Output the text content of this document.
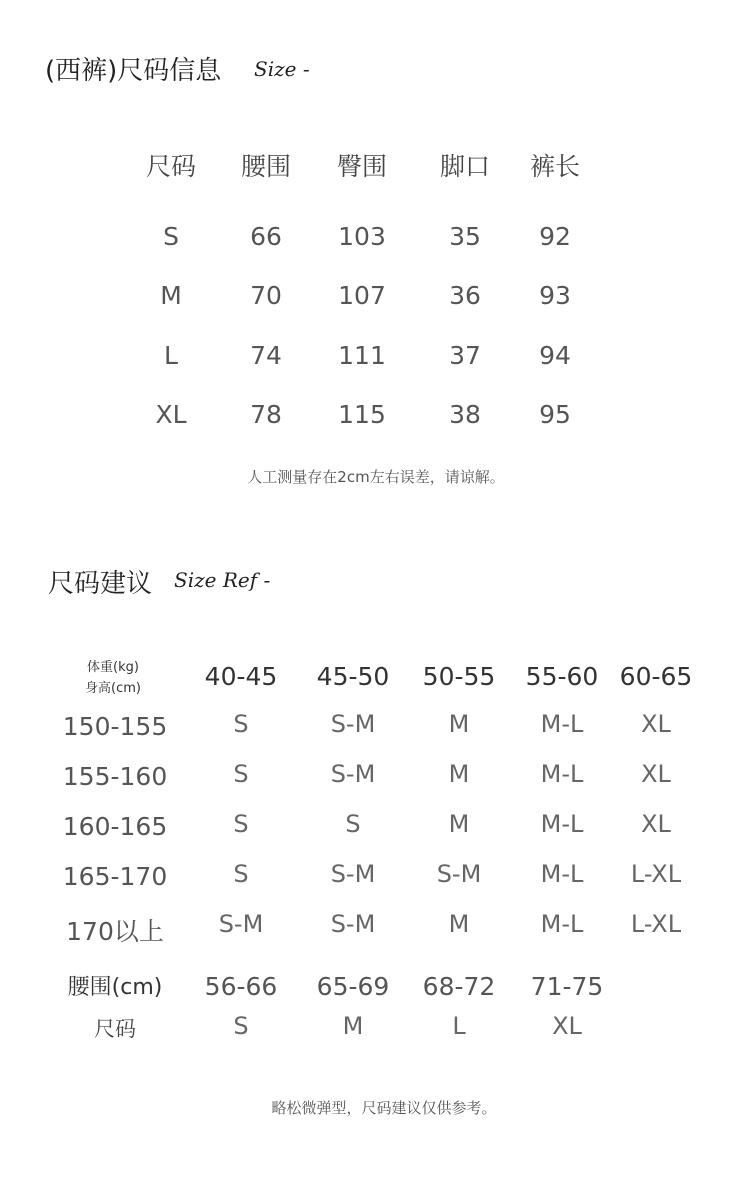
(西裤)尺码信息 Size -
尺码 腰围 臀围 脚口 裤长
S	66 103	35 92
M	70 107	36 93
L	74 111	37 94
XL	78 115	38 95
人工测量存在2cm左右误差，请谅解。
尺码建议 Size Ref -
体重(kg)
身高(cm)	40-45 45-50 50-55 55-60 60-65
150-155	S	S-M	M	M-L XL
155-160	S	S-M	M	M-L XL
160-165	S	S	M	M-L XL
165-170	S	S-M	S-M M-L L-XL
170以上 S-M	S-M	M	M-L L-XL
腰围(cm) 56-66 65-69 68-72 71-75
尺码	S	M	L	XL
略松微弹型，尺码建议仅供参考。
